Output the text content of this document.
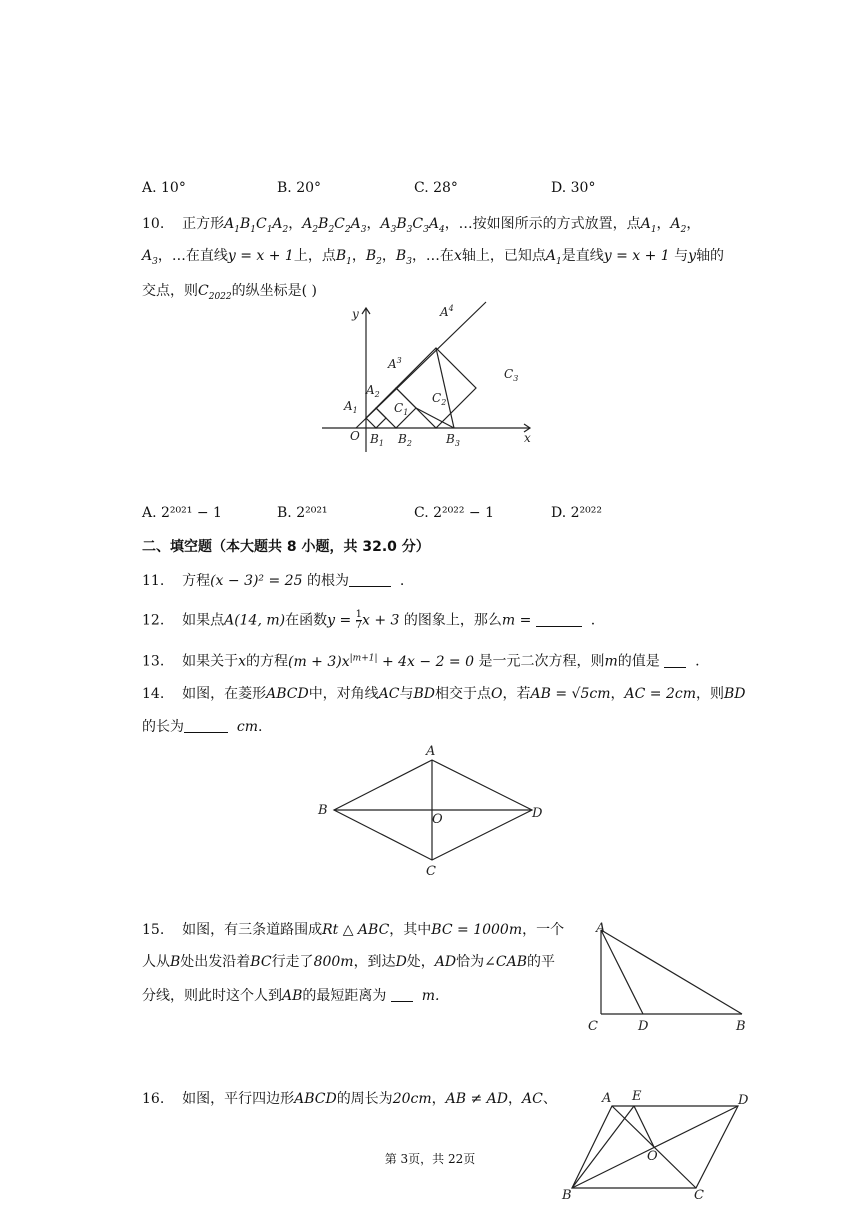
A. 10°	B. 20°	C. 28°	D. 30°
10. 正方形$A_1B_1C_1A_2$，$A_2B_2C_2A_3$，$A_3B_3C_3A_4$，…按如图所示的方式放置，点$A_1$，$A_2$，
$A_3$，…在直线y = x + 1上，点$B_1$，$B_2$，$B_3$，…在x轴上，已知点$A_1$是直线y = x + 1 与y轴的
交点，则$C_{2022}$的纵坐标是( )
y
x
O
$A_1$
$A_2$
$A^3$
$A^4$
$B_1$ $B_2$	$B_3$
$C_1$
$C_2$
$C_3$
A. 2²⁰²¹ − 1	B. 2²⁰²¹	C. 2²⁰²² − 1	D. 2²⁰²²
二、填空题（本大题共 8 小题，共 32.0 分）
11. 方程(x − 3)² = 25 的根为	.
12. 如果点A(14, m)在函数$y = \frac{1}{7}$ x + 3 的图象上，那么m =	.
13. 如果关于x的方程$(m + 3)x^{|m+1|} + 4x - 2 = 0$ 是一元二次方程，则m的值是	.
14. 如图，在菱形ABCD中，对角线AC与BD相交于点O，若AB = √5cm，AC = 2cm，则BD
的长为	cm.
A
B
C
D
O
15. 如图，有三条道路围成Rt △ ABC，其中BC = 1000m，一个
人从B处出发沿着BC行走了800m，到达D处，AD恰为∠CAB的平
分线，则此时这个人到AB的最短距离为	m.
A
C	D	B
16. 如图，平行四边形ABCD的周长为20cm，AB ≠ AD，AC、	A E	D
O
B	C
第 3页，共 22页
